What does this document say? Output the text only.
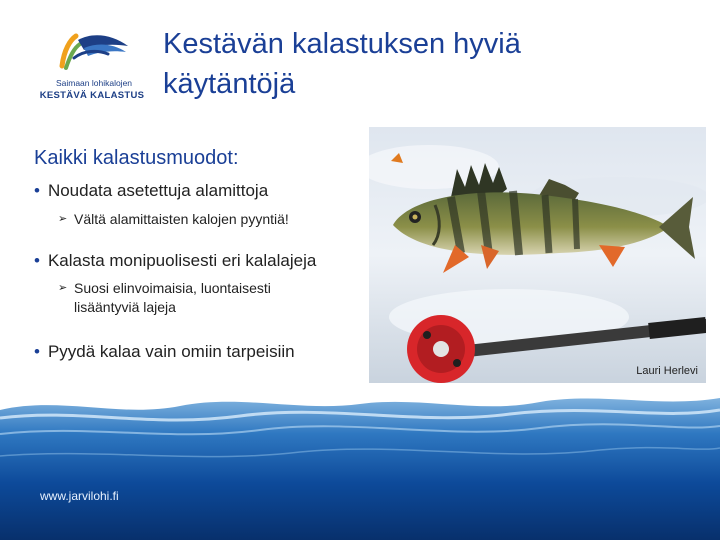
Saimaan lohikalojen
KESTÄVÄ KALASTUS
Kestävän kalastuksen hyviä
käytäntöjä
Kaikki kalastusmuodot:
• Noudata asetettuja alamittoja
➢ Vältä alamittaisten kalojen pyyntiä!
• Kalasta monipuolisesti eri kalalajeja
➢ Suosi elinvoimaisia, luontaisesti
lisääntyviä lajeja
• Pyydä kalaa vain omiin tarpeisiin
Lauri Herlevi
www.jarvilohi.fi
